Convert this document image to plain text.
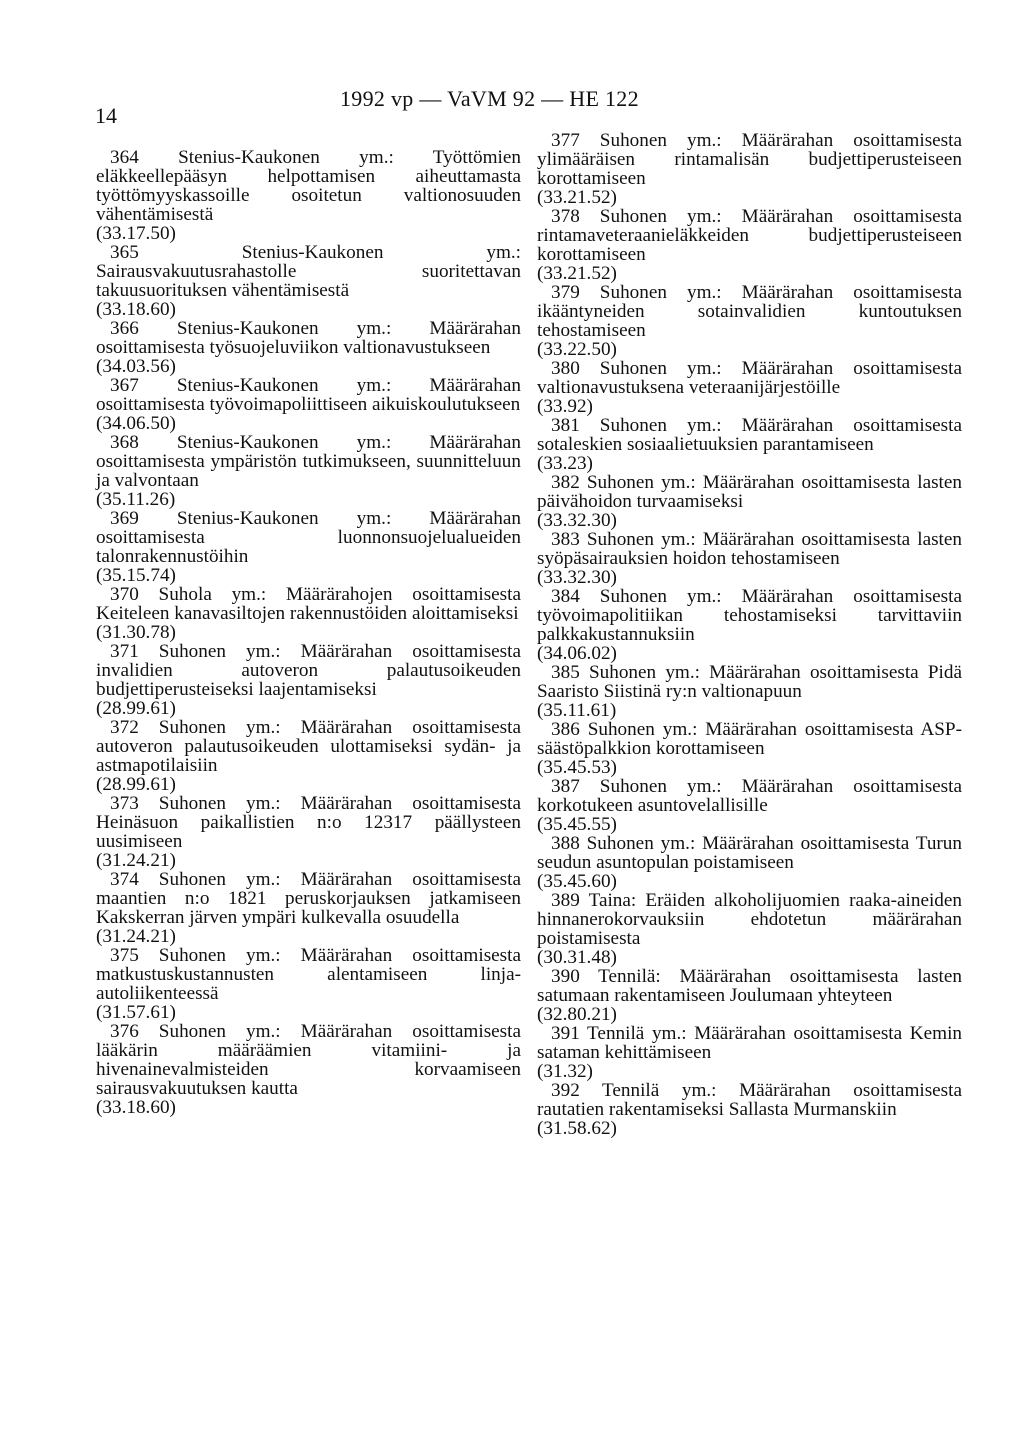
14
1992 vp — VaVM 92 — HE 122

364 Stenius-Kaukonen ym.: Työttömien eläkkeellepääsyn helpottamisen aiheuttamasta työttömyyskassoille osoitetun valtionosuuden vähentämisestä

(33.17.50)

365 Stenius-Kaukonen ym.: Sairausvakuutusrahastolle suoritettavan takuusuorituksen vähentämisestä

(33.18.60)

366 Stenius-Kaukonen ym.: Määrärahan osoittamisesta työsuojeluviikon valtionavustukseen

(34.03.56)

367 Stenius-Kaukonen ym.: Määrärahan osoittamisesta työvoimapoliittiseen aikuiskoulutukseen

(34.06.50)

368 Stenius-Kaukonen ym.: Määrärahan osoittamisesta ympäristön tutkimukseen, suunnitteluun ja valvontaan

(35.11.26)

369 Stenius-Kaukonen ym.: Määrärahan osoittamisesta luonnonsuojelualueiden talonrakennustöihin

(35.15.74)

370 Suhola ym.: Määrärahojen osoittamisesta Keiteleen kanavasiltojen rakennustöiden aloittamiseksi

(31.30.78)

371 Suhonen ym.: Määrärahan osoittamisesta invalidien autoveron palautusoikeuden budjettiperusteiseksi laajentamiseksi

(28.99.61)

372 Suhonen ym.: Määrärahan osoittamisesta autoveron palautusoikeuden ulottamiseksi sydän- ja astmapotilaisiin

(28.99.61)

373 Suhonen ym.: Määrärahan osoittamisesta Heinäsuon paikallistien n:o 12317 päällysteen uusimiseen

(31.24.21)

374 Suhonen ym.: Määrärahan osoittamisesta maantien n:o 1821 peruskorjauksen jatkamiseen Kakskerran järven ympäri kulkevalla osuudella

(31.24.21)

375 Suhonen ym.: Määrärahan osoittamisesta matkustuskustannusten alentamiseen linja-autoliikenteessä

(31.57.61)

376 Suhonen ym.: Määrärahan osoittamisesta lääkärin määräämien vitamiini- ja hivenainevalmisteiden korvaamiseen sairausvakuutuksen kautta

(33.18.60)

377 Suhonen ym.: Määrärahan osoittamisesta ylimääräisen rintamalisän budjettiperusteiseen korottamiseen

(33.21.52)

378 Suhonen ym.: Määrärahan osoittamisesta rintamaveteraanieläkkeiden budjettiperusteiseen korottamiseen

(33.21.52)

379 Suhonen ym.: Määrärahan osoittamisesta ikääntyneiden sotainvalidien kuntoutuksen tehostamiseen

(33.22.50)

380 Suhonen ym.: Määrärahan osoittamisesta valtionavustuksena veteraanijärjestöille

(33.92)

381 Suhonen ym.: Määrärahan osoittamisesta sotaleskien sosiaalietuuksien parantamiseen

(33.23)

382 Suhonen ym.: Määrärahan osoittamisesta lasten päivähoidon turvaamiseksi

(33.32.30)

383 Suhonen ym.: Määrärahan osoittamisesta lasten syöpäsairauksien hoidon tehostamiseen

(33.32.30)

384 Suhonen ym.: Määrärahan osoittamisesta työvoimapolitiikan tehostamiseksi tarvittaviin palkkakustannuksiin

(34.06.02)

385 Suhonen ym.: Määrärahan osoittamisesta Pidä Saaristo Siistinä ry:n valtionapuun

(35.11.61)

386 Suhonen ym.: Määrärahan osoittamisesta ASP-säästöpalkkion korottamiseen

(35.45.53)

387 Suhonen ym.: Määrärahan osoittamisesta korkotukeen asuntovelallisille

(35.45.55)

388 Suhonen ym.: Määrärahan osoittamisesta Turun seudun asuntopulan poistamiseen

(35.45.60)

389 Taina: Eräiden alkoholijuomien raaka-aineiden hinnanerokorvauksiin ehdotetun määrärahan poistamisesta

(30.31.48)

390 Tennilä: Määrärahan osoittamisesta lasten satumaan rakentamiseen Joulumaan yhteyteen

(32.80.21)

391 Tennilä ym.: Määrärahan osoittamisesta Kemin sataman kehittämiseen

(31.32)

392 Tennilä ym.: Määrärahan osoittamisesta rautatien rakentamiseksi Sallasta Murmanskiin

(31.58.62)
